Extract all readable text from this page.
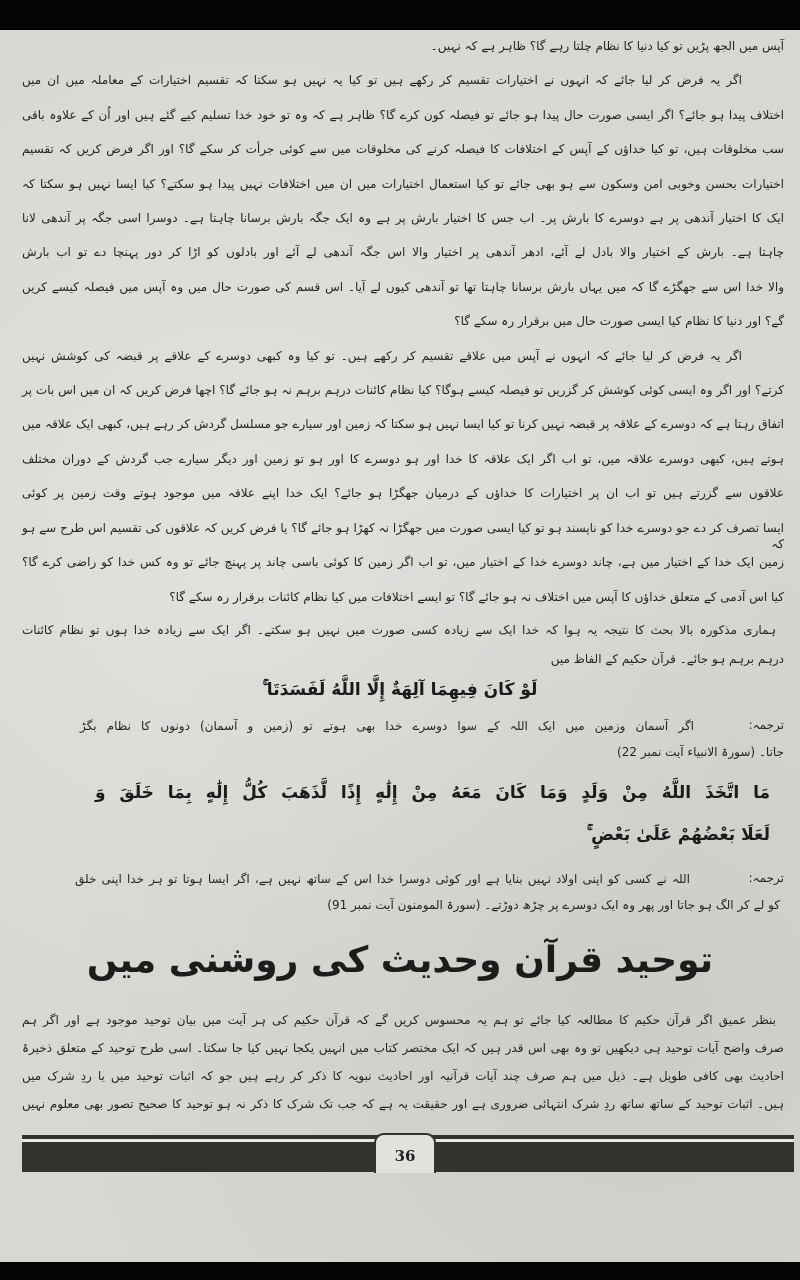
آپس میں الجھ پڑیں تو کیا دنیا کا نظام چلتا رہے گا؟ ظاہر ہے کہ نہیں۔
اگر یہ فرض کر لیا جائے کہ انہوں نے اختیارات تقسیم کر رکھے ہیں تو کیا یہ نہیں ہو سکتا کہ تقسیم اختیارات کے معاملہ میں ان میں
اختلاف پیدا ہو جائے؟ اگر ایسی صورت حال پیدا ہو جائے تو فیصلہ کون کرے گا؟ ظاہر ہے کہ وہ تو خود خدا تسلیم کیے گئے ہیں اور اُن کے علاوہ باقی
سب مخلوقات ہیں، تو کیا خداؤں کے آپس کے اختلافات کا فیصلہ کرنے کی مخلوقات میں سے کوئی جرأت کر سکے گا؟ اور اگر فرض کریں کہ تقسیم
اختیارات بحسن وخوبی امن وسکون سے ہو بھی جائے تو کیا استعمال اختیارات میں ان میں اختلافات نہیں پیدا ہو سکتے؟ کیا ایسا نہیں ہو سکتا کہ
ایک کا اختیار آندھی پر ہے دوسرے کا بارش پر۔ اب جس کا اختیار بارش پر ہے وہ ایک جگہ بارش برسانا چاہتا ہے۔ دوسرا اسی جگہ پر آندھی لانا
چاہتا ہے۔ بارش کے اختیار والا بادل لے آئے، ادھر آندھی پر اختیار والا اس جگہ آندھی لے آئے اور بادلوں کو اڑا کر دور پہنچا دے تو اب بارش
والا خدا اس سے جھگڑے گا کہ میں یہاں بارش برسانا چاہتا تھا تو آندھی کیوں لے آیا۔ اس قسم کی صورت حال میں وہ آپس میں فیصلہ کیسے کریں
گے؟ اور دنیا کا نظام کیا ایسی صورت حال میں برقرار رہ سکے گا؟
اگر یہ فرض کر لیا جائے کہ انہوں نے آپس میں علاقے تقسیم کر رکھے ہیں۔ تو کیا وہ کبھی دوسرے کے علاقے پر قبضہ کی کوشش نہیں
کرتے؟ اور اگر وہ ایسی کوئی کوشش کر گزریں تو فیصلہ کیسے ہوگا؟ کیا نظام کائنات درہم برہم نہ ہو جائے گا؟ اچھا فرض کریں کہ ان میں اس بات پر
اتفاق رہتا ہے کہ دوسرے کے علاقہ پر قبضہ نہیں کرنا تو کیا ایسا نہیں ہو سکتا کہ زمین اور سیارے جو مسلسل گردش کر رہے ہیں، کبھی ایک علاقہ میں
ہوتے ہیں، کبھی دوسرے علاقہ میں، تو اب اگر ایک علاقہ کا خدا اور ہو دوسرے کا اور ہو تو زمین اور دیگر سیارے جب گردش کے دوران مختلف
علاقوں سے گزرتے ہیں تو اب ان پر اختیارات کا خداؤں کے درمیان جھگڑا ہو جائے؟ ایک خدا اپنے علاقہ میں موجود ہوتے وقت زمین پر کوئی
ایسا تصرف کر دے جو دوسرے خدا کو ناپسند ہو تو کیا ایسی صورت میں جھگڑا نہ کھڑا ہو جائے گا؟ یا فرض کریں کہ علاقوں کی تقسیم اس طرح سے ہو کہ
زمین ایک خدا کے اختیار میں ہے، چاند دوسرے خدا کے اختیار میں، تو اب اگر زمین کا کوئی باسی چاند پر پہنچ جائے تو وہ کس خدا کو راضی کرے گا؟
کیا اس آدمی کے متعلق خداؤں کا آپس میں اختلاف نہ ہو جائے گا؟ تو ایسے اختلافات میں کیا نظام کائنات برقرار رہ سکے گا؟
ہماری مذکورہ بالا بحث کا نتیجہ یہ ہوا کہ خدا ایک سے زیادہ کسی صورت میں نہیں ہو سکتے۔ اگر ایک سے زیادہ خدا ہوں تو نظام کائنات
درہم برہم ہو جائے۔ قرآن حکیم کے الفاظ میں
لَوْ كَانَ فِيهِمَا آلِهَةٌ إِلَّا اللَّهُ لَفَسَدَتَا ۚ
ترجمہ:
اگر آسمان وزمین میں ایک اللہ کے سوا دوسرے خدا بھی ہوتے تو (زمین و آسمان) دونوں کا نظام بگڑ
جاتا۔ (سورۃ الانبیاء آیت نمبر 22)
مَا اتَّخَذَ اللَّهُ مِنْ وَلَدٍ وَمَا كَانَ مَعَهُ مِنْ إِلَٰهٍ إِذًا لَّذَهَبَ كُلُّ إِلَٰهٍ بِمَا خَلَقَ وَ
لَعَلَا بَعْضُهُمْ عَلَىٰ بَعْضٍ ۚ
ترجمہ:
اللہ نے کسی کو اپنی اولاد نہیں بنایا ہے اور کوئی دوسرا خدا اس کے ساتھ نہیں ہے، اگر ایسا ہوتا تو ہر خدا اپنی خلق
کو لے کر الگ ہو جاتا اور پھر وہ ایک دوسرے پر چڑھ دوڑتے۔ (سورۃ المومنون آیت نمبر 91)
بنظر عمیق اگر قرآن حکیم کا مطالعہ کیا جائے تو ہم یہ محسوس کریں گے کہ قرآن حکیم کی ہر آیت میں بیان توحید موجود ہے اور اگر ہم
صرف واضح آیات توحید ہی دیکھیں تو وہ بھی اس قدر ہیں کہ ایک مختصر کتاب میں انہیں یکجا نہیں کیا جا سکتا۔ اسی طرح توحید کے متعلق ذخیرۂ
احادیث بھی کافی طویل ہے۔ ذیل میں ہم صرف چند آیات قرآنیہ اور احادیث نبویہ کا ذکر کر رہے ہیں جو کہ اثبات توحید میں یا ردِ شرک میں
ہیں۔ اثبات توحید کے ساتھ ساتھ ردِ شرک انتہائی ضروری ہے اور حقیقت یہ ہے کہ جب تک شرک کا ذکر نہ ہو توحید کا صحیح تصور بھی معلوم نہیں
توحید قرآن وحدیث کی روشنی میں
36
